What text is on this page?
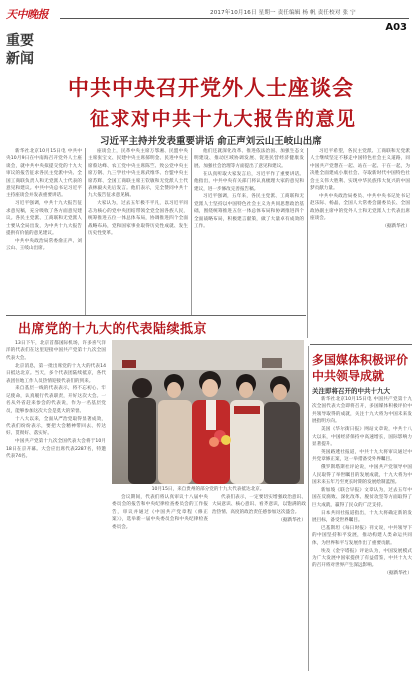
天中晚报
重要
新闻
2017年10月16日 星期一 责任编辑 杨 帆 责任校对 张 宁
A03
中共中央召开党外人士座谈会
征求对中共十九大报告的意见
习近平主持并发表重要讲话 俞正声刘云山王岐山出席

新华社北京10月15日电 中共中央10月9日在中南海召开党外人士座谈会，就中共中央拟提交党的十九大审议的报告征求各民主党派中央、全国工商联负责人和无党派人士代表的意见和建议。中共中央总书记习近平主持座谈会并发表重要讲话。

习近平强调，中共十九大报告征求意见稿，充分吸收了各方面意见建议。各民主党派、工商联和无党派人士要从全局出发，为中共十九大报告提供有价值的意见建议。

中共中央政治局常委俞正声、刘云山、王岐山出席。

座谈会上，民革中央主席万鄂湘、民盟中央主席张宝文、民建中央主席郝明金、民进中央主席蔡达峰、农工党中央主席陈竺、致公党中央主席万钢、九三学社中央主席武维华、台盟中央主席苏辉、全国工商联主席王钦敏和无党派人士代表林毅夫先后发言。他们表示，完全赞同中共十九大报告征求意见稿。

大家认为，过去五年极不平凡，以习近平同志为核心的党中央团结带领全党全国各族人民，统筹推进五位一体总体布局，协调推进四个全面战略布局，党和国家事业取得历史性成就、发生历史性变革。

他们还就深化改革、推进依法治国、加强生态文明建设、推动区域协调发展、促进民营经济健康发展、加强社会治理等方面提出了意见和建议。

在认真听取大家发言后，习近平作了重要讲话。他指出，中共中央有关部门将认真梳理大家的意见和建议，进一步修改完善报告稿。

习近平强调，五年来，各民主党派、工商联和无党派人士坚持以中国特色社会主义为共同思想政治基础，围绕统筹推进五位一体总体布局和协调推进四个全面战略布局，积极建言献策，做了大量卓有成效的工作。

习近平希望，各民主党派、工商联和无党派人士继续坚定不移走中国特色社会主义道路，同中国共产党想在一起、站在一起、干在一起，为决胜全面建成小康社会、夺取新时代中国特色社会主义伟大胜利、实现中华民族伟大复兴的中国梦贡献力量。

中共中央政治局委员、中共中央书记处书记赵乐际、杨晶，全国人大常委会副委员长、全国政协副主席中的党外人士和无党派人士代表出席座谈会。

（据新华社）
出席党的十九大的代表陆续抵京

13日下午，北京首都国际机场，许多喜气洋洋的代表们在这里迎接中国共产党第十九次全国代表大会。

北京消息，第一批出席党的十九大的代表14日抵达北京。当天，多个代表团陆续抵京，各代表团住地工作人员热情迎接代表们的到来。

来自基层一线的代表表示，将不忘初心、牢记使命，认真履行代表职责，开好这次大会。一名从外省赶来参会的代表说，作为一名基层党员，能够参加这次大会是莫大的荣誉。

十八大以来，全面从严治党取得显著成效，代表们纷纷表示，要把大会精神带回去、传达好、贯彻好、落实好。

中国共产党第十九次全国代表大会将于10月18日在京开幕。大会应出席代表2287名，特邀代表74名。

10月15日，来自贵州的部分党的十九大代表抵达北京。

会议期间，代表们将认真审议十八届中央委员会的报告和中央纪律检查委员会的工作报告，审议并通过《中国共产党章程（修正案）》，选举新一届中央委员会和中央纪律检查委员会。

代表们表示，一定要切实增强政治意识、大局意识、核心意识、看齐意识，以饱满的政治热情、高度的政治责任感参加这次盛会。

（据新华社）
多国媒体积极评价中共领导成就
关注即将召开的中共十九大

新华社北京10月15日电 中国共产党第十九次全国代表大会即将召开，多国媒体积极评价中共领导取得的成就，关注十九大将为中国未来发展指明方向。

美国《华尔街日报》网站文章说，中共十八大以来，中国经济保持中高速增长，国际影响力显著提升。

英国路透社报道，中共十九大将审议通过中共党章修正案，这一举措备受外界瞩目。

俄罗斯塔斯社评论说，中国共产党领导中国人民取得了举世瞩目的发展成就，十九大将为中国未来五年乃至更长时期的发展绘制蓝图。

新加坡《联合早报》文章认为，过去五年中国在反腐败、深化改革、脱贫攻坚等方面取得了巨大成就，赢得了民众的广泛支持。

日本共同社报道指出，十九大将确定新的发展目标，备受世界瞩目。

巴基斯坦《每日时报》刊文说，中共领导下的中国坚持和平发展，推动构建人类命运共同体，为世界和平与发展作出了重要贡献。

埃及《金字塔报》评论认为，中国发展模式为广大发展中国家提供了有益借鉴，中共十九大的召开将对世界产生深远影响。

（据新华社）
